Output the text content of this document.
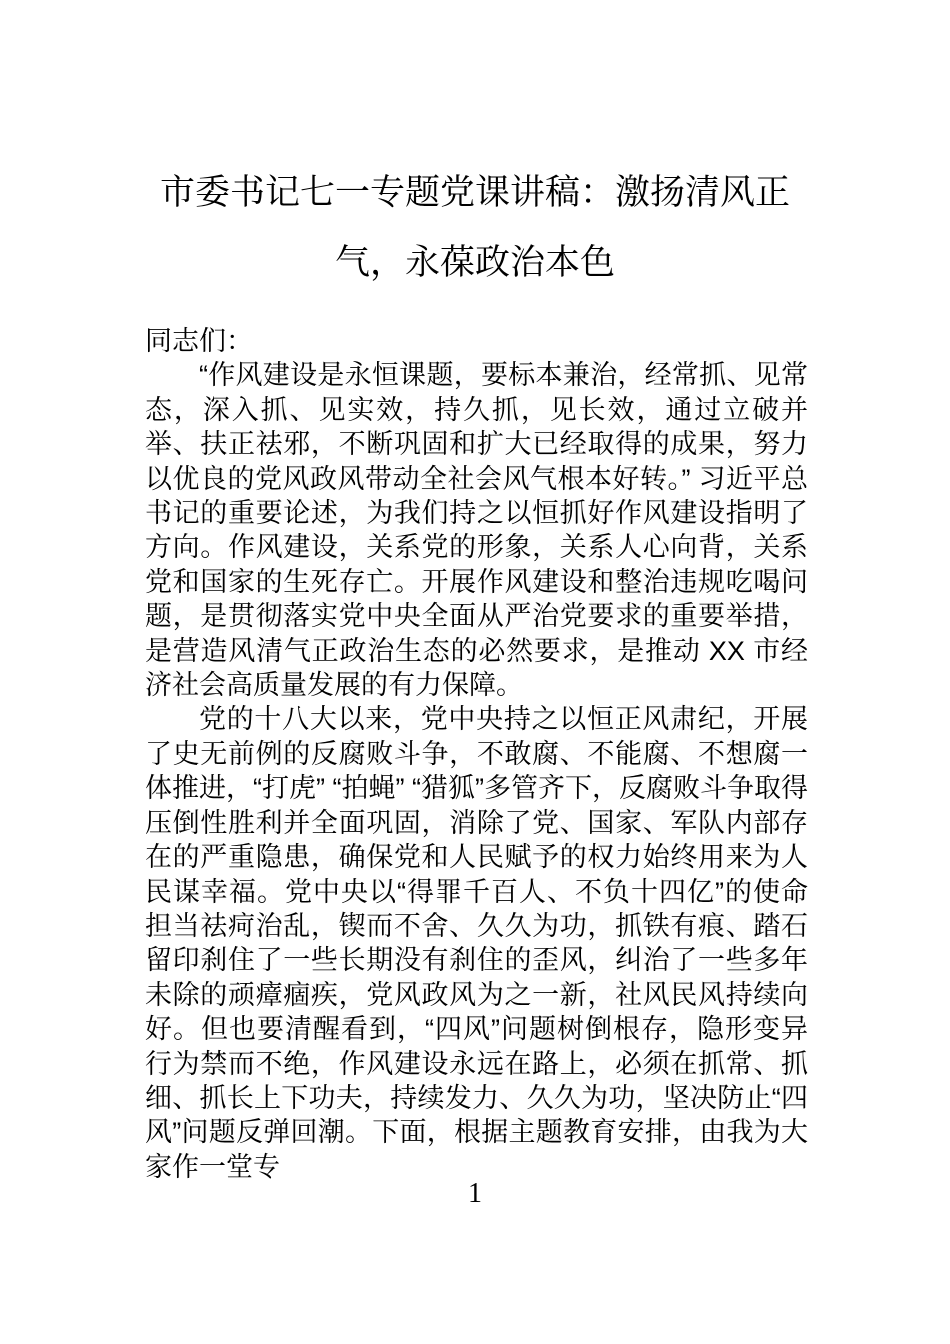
市委书记七一专题党课讲稿：激扬清风正
气，永葆政治本色

同志们：

“作风建设是永恒课题，要标本兼治，经常抓、见常态，深入抓、见实效，持久抓，见长效，通过立破并举、扶正祛邪，不断巩固和扩大已经取得的成果，努力以优良的党风政风带动全社会风气根本好转。” 习近平总书记的重要论述，为我们持之以恒抓好作风建设指明了方向。作风建设，关系党的形象，关系人心向背，关系党和国家的生死存亡。开展作风建设和整治违规吃喝问题，是贯彻落实党中央全面从严治党要求的重要举措，是营造风清气正政治生态的必然要求，是推动 XX 市经济社会高质量发展的有力保障。

党的十八大以来，党中央持之以恒正风肃纪，开展了史无前例的反腐败斗争，不敢腐、不能腐、不想腐一体推进，“打虎” “拍蝇” “猎狐”多管齐下，反腐败斗争取得压倒性胜利并全面巩固，消除了党、国家、军队内部存在的严重隐患，确保党和人民赋予的权力始终用来为人民谋幸福。党中央以“得罪千百人、不负十四亿”的使命担当祛疴治乱，锲而不舍、久久为功，抓铁有痕、踏石留印刹住了一些长期没有刹住的歪风，纠治了一些多年未除的顽瘴痼疾，党风政风为之一新，社风民风持续向好。但也要清醒看到，“四风”问题树倒根存，隐形变异行为禁而不绝，作风建设永远在路上，必须在抓常、抓细、抓长上下功夫，持续发力、久久为功，坚决防止“四风”问题反弹回潮。下面，根据主题教育安排，由我为大家作一堂专

1
